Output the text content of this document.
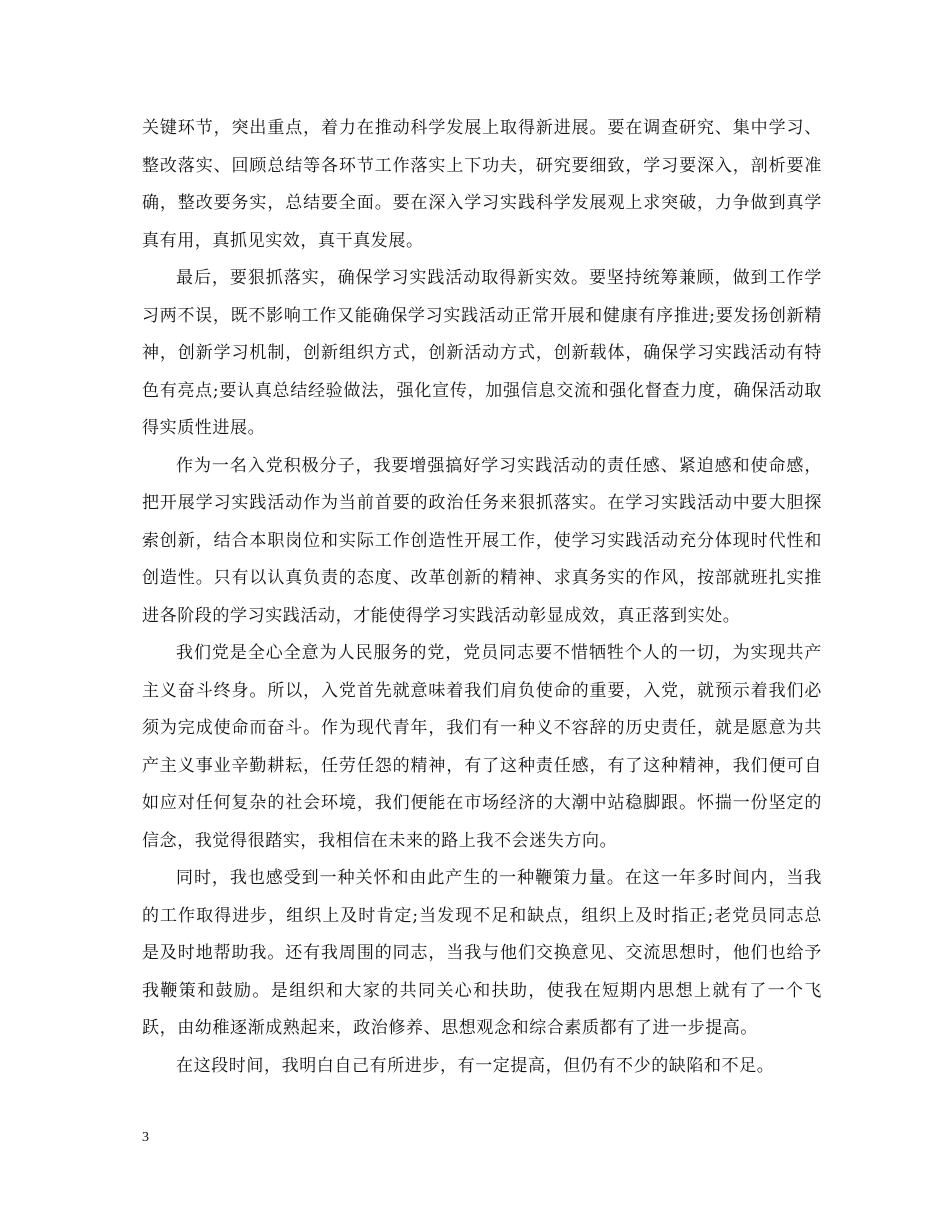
关键环节，突出重点，着力在推动科学发展上取得新进展。要在调查研究、集中学习、整改落实、回顾总结等各环节工作落实上下功夫，研究要细致，学习要深入，剖析要准确，整改要务实，总结要全面。要在深入学习实践科学发展观上求突破，力争做到真学真有用，真抓见实效，真干真发展。

最后，要狠抓落实，确保学习实践活动取得新实效。要坚持统筹兼顾，做到工作学习两不误，既不影响工作又能确保学习实践活动正常开展和健康有序推进;要发扬创新精神，创新学习机制，创新组织方式，创新活动方式，创新载体，确保学习实践活动有特色有亮点;要认真总结经验做法，强化宣传，加强信息交流和强化督查力度，确保活动取得实质性进展。

作为一名入党积极分子，我要增强搞好学习实践活动的责任感、紧迫感和使命感，把开展学习实践活动作为当前首要的政治任务来狠抓落实。在学习实践活动中要大胆探索创新，结合本职岗位和实际工作创造性开展工作，使学习实践活动充分体现时代性和创造性。只有以认真负责的态度、改革创新的精神、求真务实的作风，按部就班扎实推进各阶段的学习实践活动，才能使得学习实践活动彰显成效，真正落到实处。

我们党是全心全意为人民服务的党，党员同志要不惜牺牲个人的一切，为实现共产主义奋斗终身。所以，入党首先就意味着我们肩负使命的重要，入党，就预示着我们必须为完成使命而奋斗。作为现代青年，我们有一种义不容辞的历史责任，就是愿意为共产主义事业辛勤耕耘，任劳任怨的精神，有了这种责任感，有了这种精神，我们便可自如应对任何复杂的社会环境，我们便能在市场经济的大潮中站稳脚跟。怀揣一份坚定的信念，我觉得很踏实，我相信在未来的路上我不会迷失方向。

同时，我也感受到一种关怀和由此产生的一种鞭策力量。在这一年多时间内，当我的工作取得进步，组织上及时肯定;当发现不足和缺点，组织上及时指正;老党员同志总是及时地帮助我。还有我周围的同志，当我与他们交换意见、交流思想时，他们也给予我鞭策和鼓励。是组织和大家的共同关心和扶助，使我在短期内思想上就有了一个飞跃，由幼稚逐渐成熟起来，政治修养、思想观念和综合素质都有了进一步提高。

在这段时间，我明白自己有所进步，有一定提高，但仍有不少的缺陷和不足。

3
